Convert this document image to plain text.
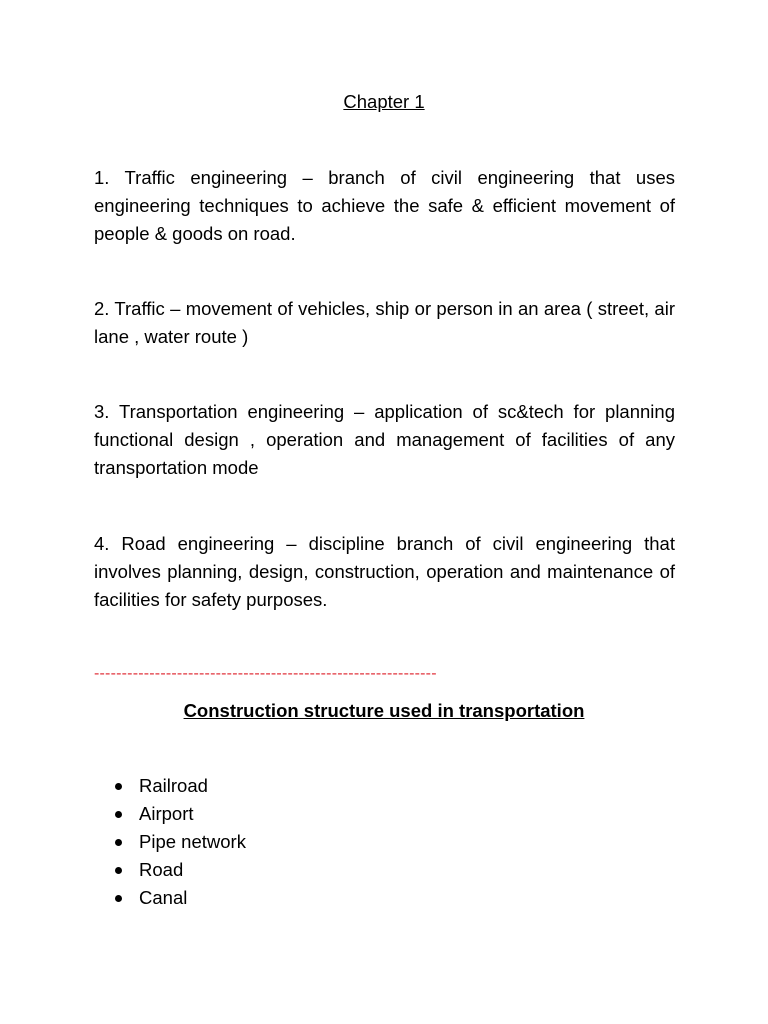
Chapter 1

1. Traffic engineering – branch of civil engineering that uses engineering techniques to achieve the safe & efficient movement of people & goods on road.

2. Traffic – movement of vehicles, ship or person in an area ( street, air lane , water route )

3. Transportation engineering – application of sc&tech for planning functional design , operation and management of facilities of any transportation mode

4. Road engineering – discipline branch of civil engineering that involves planning, design, construction, operation and maintenance of facilities for safety purposes.

--------------------------------------------------------------
Construction structure used in transportation
Railroad
Airport
Pipe network
Road
Canal
